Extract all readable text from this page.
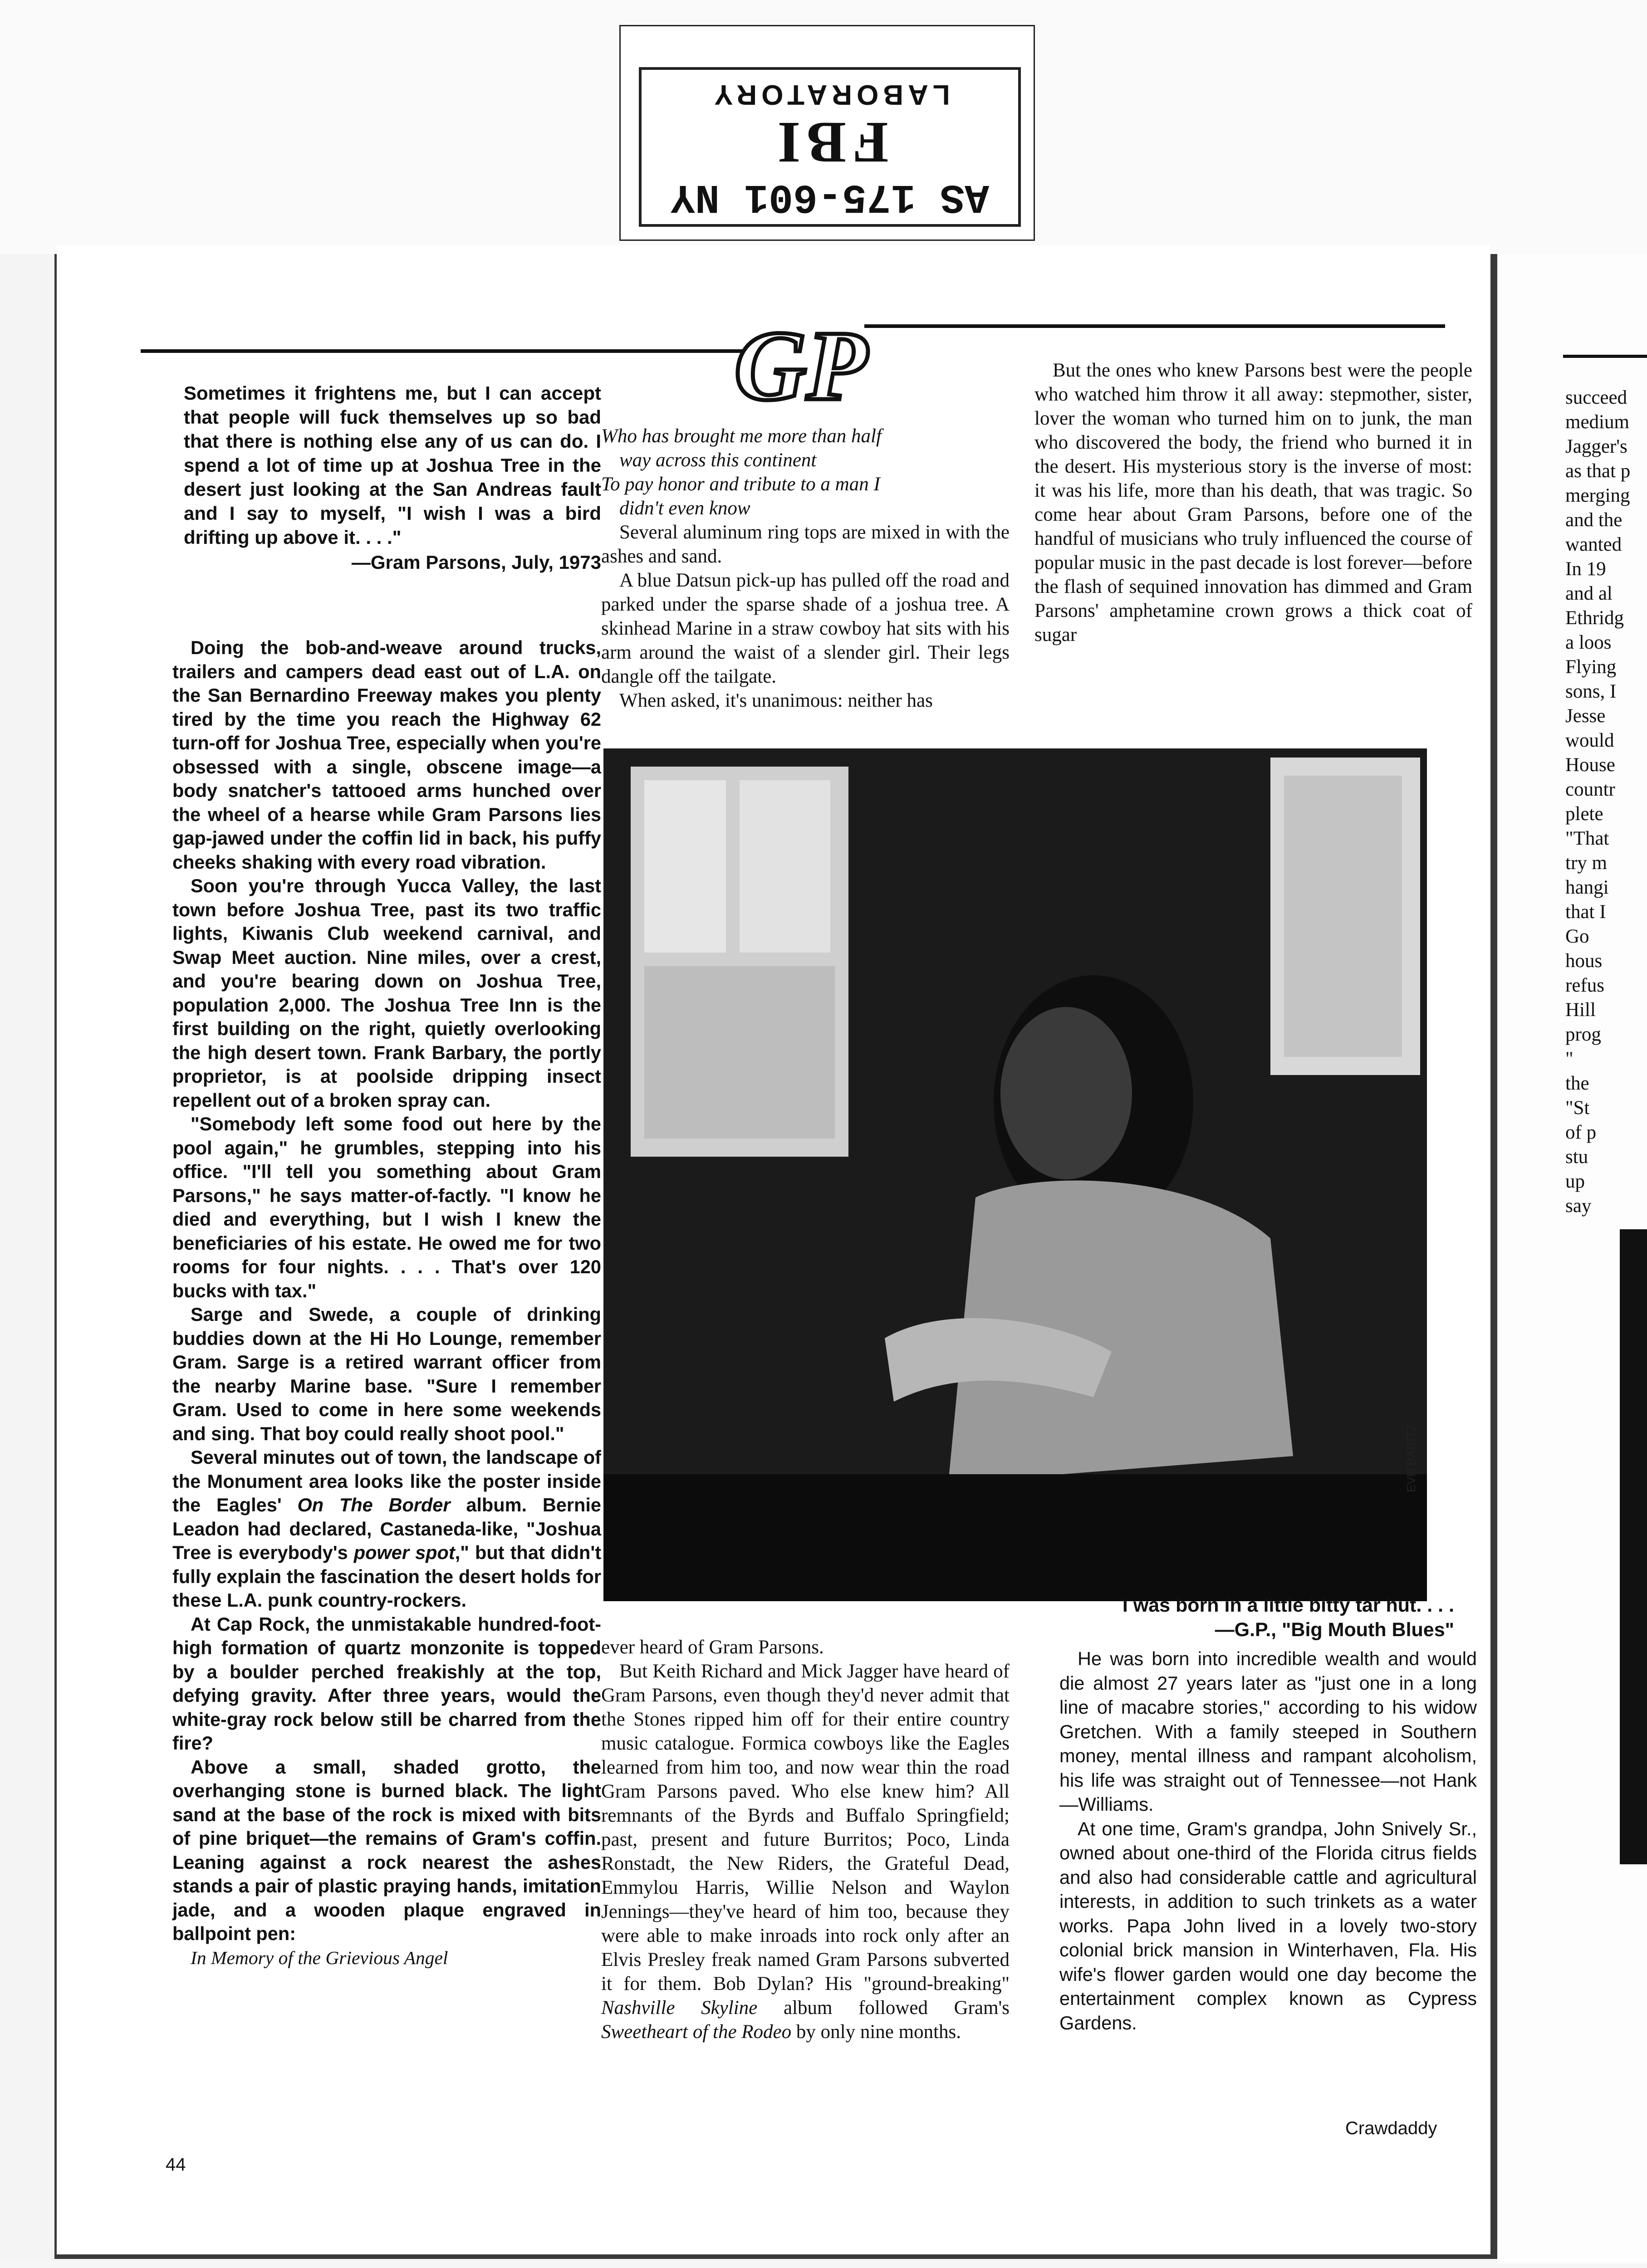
AS 175-601 NY
FBI
LABORATORY
succeed
medium
Jagger's
as that p
merging
and the
wanted
In 19
and al
Ethridg
a loos
Flying
sons, I
Jesse
would
House
countr
plete
"That
try m
hangi
that I
Go
hous
refus
Hill
prog
"
the
"St
of p
stu
up
say
GP

Sometimes it frightens me, but I can accept that people will fuck themselves up so bad that there is nothing else any of us can do. I spend a lot of time up at Joshua Tree in the desert just looking at the San Andreas fault and I say to myself, "I wish I was a bird drifting up above it. . . ."

—Gram Parsons, July, 1973

Doing the bob-and-weave around trucks, trailers and campers dead east out of L.A. on the San Bernardino Freeway makes you plenty tired by the time you reach the Highway 62 turn-off for Joshua Tree, especially when you're obsessed with a single, obscene image—a body snatcher's tattooed arms hunched over the wheel of a hearse while Gram Parsons lies gap-jawed under the coffin lid in back, his puffy cheeks shaking with every road vibration.

Soon you're through Yucca Valley, the last town before Joshua Tree, past its two traffic lights, Kiwanis Club weekend carnival, and Swap Meet auction. Nine miles, over a crest, and you're bearing down on Joshua Tree, population 2,000. The Joshua Tree Inn is the first building on the right, quietly overlooking the high desert town. Frank Barbary, the portly proprietor, is at poolside dripping insect repellent out of a broken spray can.

"Somebody left some food out here by the pool again," he grumbles, stepping into his office. "I'll tell you something about Gram Parsons," he says matter-of-factly. "I know he died and everything, but I wish I knew the beneficiaries of his estate. He owed me for two rooms for four nights. . . . That's over 120 bucks with tax."

Sarge and Swede, a couple of drinking buddies down at the Hi Ho Lounge, remember Gram. Sarge is a retired warrant officer from the nearby Marine base. "Sure I remember Gram. Used to come in here some weekends and sing. That boy could really shoot pool."

Several minutes out of town, the landscape of the Monument area looks like the poster inside the Eagles' On The Border album. Bernie Leadon had declared, Castaneda-like, "Joshua Tree is everybody's power spot," but that didn't fully explain the fascination the desert holds for these L.A. punk country-rockers.

At Cap Rock, the unmistakable hundred-foot-high formation of quartz monzonite is topped by a boulder perched freakishly at the top, defying gravity. After three years, would the white-gray rock below still be charred from the fire?

Above a small, shaded grotto, the overhanging stone is burned black. The light sand at the base of the rock is mixed with bits of pine briquet—the remains of Gram's coffin. Leaning against a rock nearest the ashes stands a pair of plastic praying hands, imitation jade, and a wooden plaque engraved in ballpoint pen:

In Memory of the Grievious Angel

Who has brought me more than half

way across this continent

To pay honor and tribute to a man I

didn't even know

Several aluminum ring tops are mixed in with the ashes and sand.

A blue Datsun pick-up has pulled off the road and parked under the sparse shade of a joshua tree. A skinhead Marine in a straw cowboy hat sits with his arm around the waist of a slender girl. Their legs dangle off the tailgate.

When asked, it's unanimous: neither has

But the ones who knew Parsons best were the people who watched him throw it all away: stepmother, sister, lover the woman who turned him on to junk, the man who discovered the body, the friend who burned it in the desert. His mysterious story is the inverse of most: it was his life, more than his death, that was tragic. So come hear about Gram Parsons, before one of the handful of musicians who truly influenced the course of popular music in the past decade is lost forever—before the flash of sequined innovation has dimmed and Gram Parsons' amphetamine crown grows a thick coat of sugar

EVE BABITZ
I was born in a little bitty tar hut. . . .
—G.P., "Big Mouth Blues"

ever heard of Gram Parsons.

But Keith Richard and Mick Jagger have heard of Gram Parsons, even though they'd never admit that the Stones ripped him off for their entire country music catalogue. Formica cowboys like the Eagles learned from him too, and now wear thin the road Gram Parsons paved. Who else knew him? All remnants of the Byrds and Buffalo Springfield; past, present and future Burritos; Poco, Linda Ronstadt, the New Riders, the Grateful Dead, Emmylou Harris, Willie Nelson and Waylon Jennings—they've heard of him too, because they were able to make inroads into rock only after an Elvis Presley freak named Gram Parsons subverted it for them. Bob Dylan? His "ground-breaking" Nashville Skyline album followed Gram's Sweetheart of the Rodeo by only nine months.

He was born into incredible wealth and would die almost 27 years later as "just one in a long line of macabre stories," according to his widow Gretchen. With a family steeped in Southern money, mental illness and rampant alcoholism, his life was straight out of Tennessee—not Hank—Williams.

At one time, Gram's grandpa, John Snively Sr., owned about one-third of the Florida citrus fields and also had considerable cattle and agricultural interests, in addition to such trinkets as a water works. Papa John lived in a lovely two-story colonial brick mansion in Winterhaven, Fla. His wife's flower garden would one day become the entertainment complex known as Cypress Gardens.

44
Crawdaddy
